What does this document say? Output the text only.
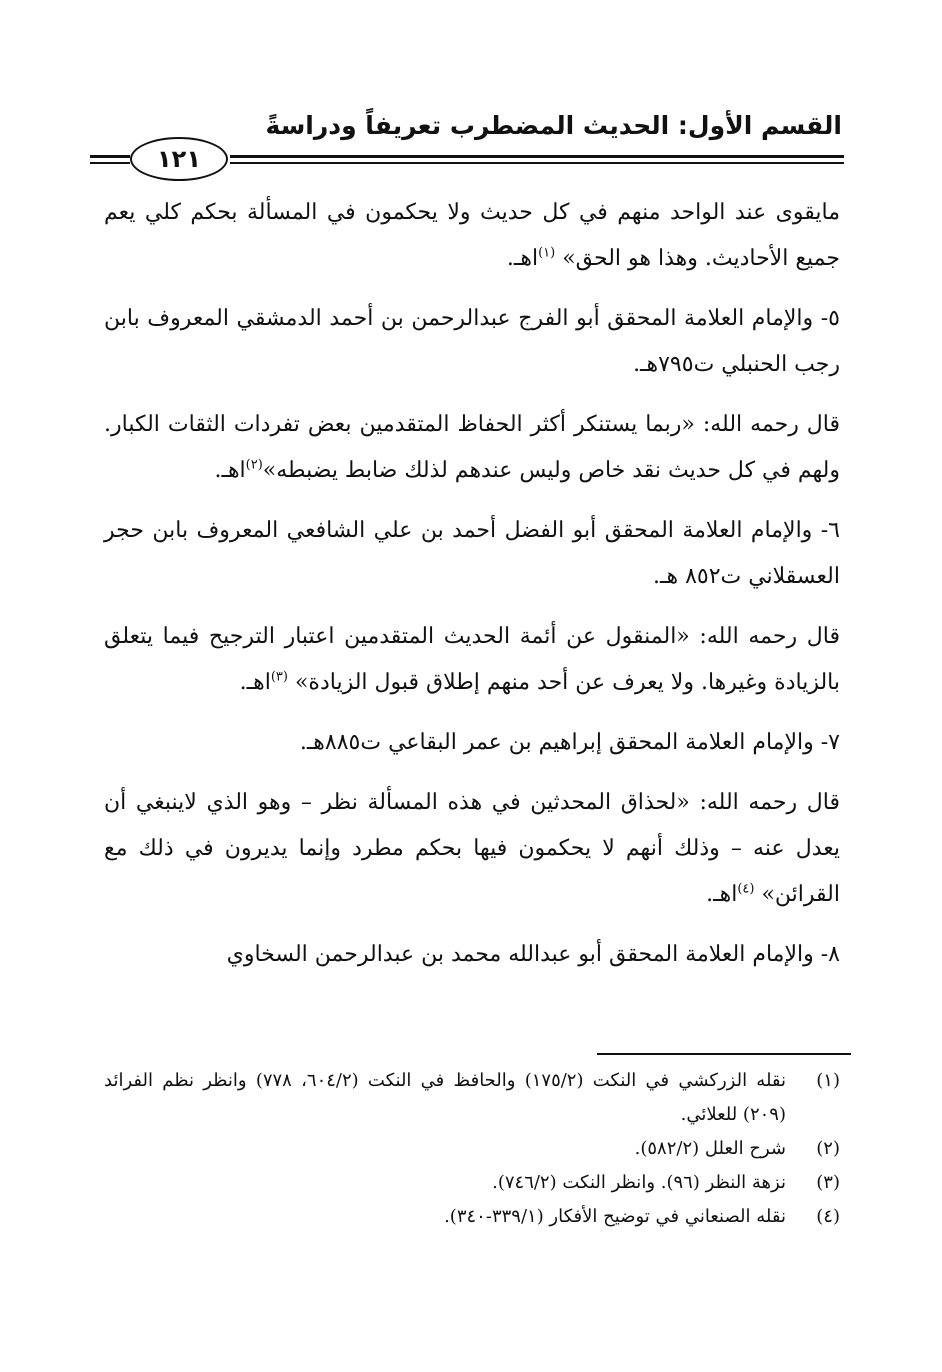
القسم الأول: الحديث المضطرب تعريفاً ودراسةً
١٢١

مايقوى عند الواحد منهم في كل حديث ولا يحكمون في المسألة بحكم كلي يعم جميع الأحاديث. وهذا هو الحق» $^{(١)}$اهـ.

٥- والإمام العلامة المحقق أبو الفرج عبدالرحمن بن أحمد الدمشقي المعروف بابن رجب الحنبلي ت٧٩٥هـ.

قال رحمه الله: «ربما يستنكر أكثر الحفاظ المتقدمين بعض تفردات الثقات الكبار. ولهم في كل حديث نقد خاص وليس عندهم لذلك ضابط يضبطه»$^{(٢)}$اهـ.

٦- والإمام العلامة المحقق أبو الفضل أحمد بن علي الشافعي المعروف بابن حجر العسقلاني ت٨٥٢ هـ.

قال رحمه الله: «المنقول عن أئمة الحديث المتقدمين اعتبار الترجيح فيما يتعلق بالزيادة وغيرها. ولا يعرف عن أحد منهم إطلاق قبول الزيادة» $^{(٣)}$اهـ.

٧- والإمام العلامة المحقق إبراهيم بن عمر البقاعي ت٨٨٥هـ.

قال رحمه الله: «لحذاق المحدثين في هذه المسألة نظر – وهو الذي لاينبغي أن يعدل عنه – وذلك أنهم لا يحكمون فيها بحكم مطرد وإنما يديرون في ذلك مع القرائن» $^{(٤)}$اهـ.

٨- والإمام العلامة المحقق أبو عبدالله محمد بن عبدالرحمن السخاوي

(١)
نقله الزركشي في النكت (١٧٥/٢) والحافظ في النكت (٦٠٤/٢، ٧٧٨) وانظر نظم الفرائد (٢٠٩) للعلائي.
(٢)
شرح العلل (٥٨٢/٢).
(٣)
نزهة النظر (٩٦). وانظر النكت (٧٤٦/٢).
(٤)
نقله الصنعاني في توضيح الأفكار (٣٣٩/١-٣٤٠).
